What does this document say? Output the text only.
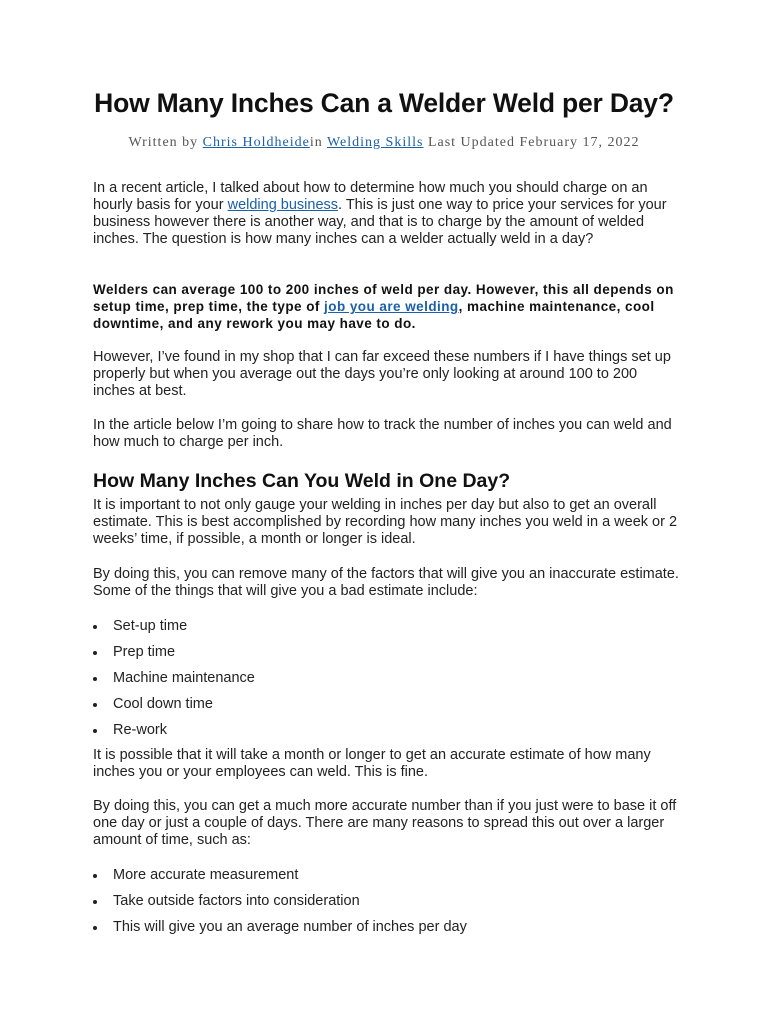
How Many Inches Can a Welder Weld per Day?
Written by Chris Holdheidein Welding Skills Last Updated February 17, 2022

In a recent article, I talked about how to determine how much you should charge on an hourly basis for your welding business. This is just one way to price your services for your business however there is another way, and that is to charge by the amount of welded inches. The question is how many inches can a welder actually weld in a day?

Welders can average 100 to 200 inches of weld per day. However, this all depends on setup time, prep time, the type of job you are welding, machine maintenance, cool downtime, and any rework you may have to do.

However, I’ve found in my shop that I can far exceed these numbers if I have things set up properly but when you average out the days you’re only looking at around 100 to 200 inches at best.

In the article below I’m going to share how to track the number of inches you can weld and how much to charge per inch.

How Many Inches Can You Weld in One Day?

It is important to not only gauge your welding in inches per day but also to get an overall estimate. This is best accomplished by recording how many inches you weld in a week or 2 weeks’ time, if possible, a month or longer is ideal.

By doing this, you can remove many of the factors that will give you an inaccurate estimate. Some of the things that will give you a bad estimate include:

Set-up time
Prep time
Machine maintenance
Cool down time
Re-work

It is possible that it will take a month or longer to get an accurate estimate of how many inches you or your employees can weld. This is fine.

By doing this, you can get a much more accurate number than if you just were to base it off one day or just a couple of days. There are many reasons to spread this out over a larger amount of time, such as:

More accurate measurement
Take outside factors into consideration
This will give you an average number of inches per day
